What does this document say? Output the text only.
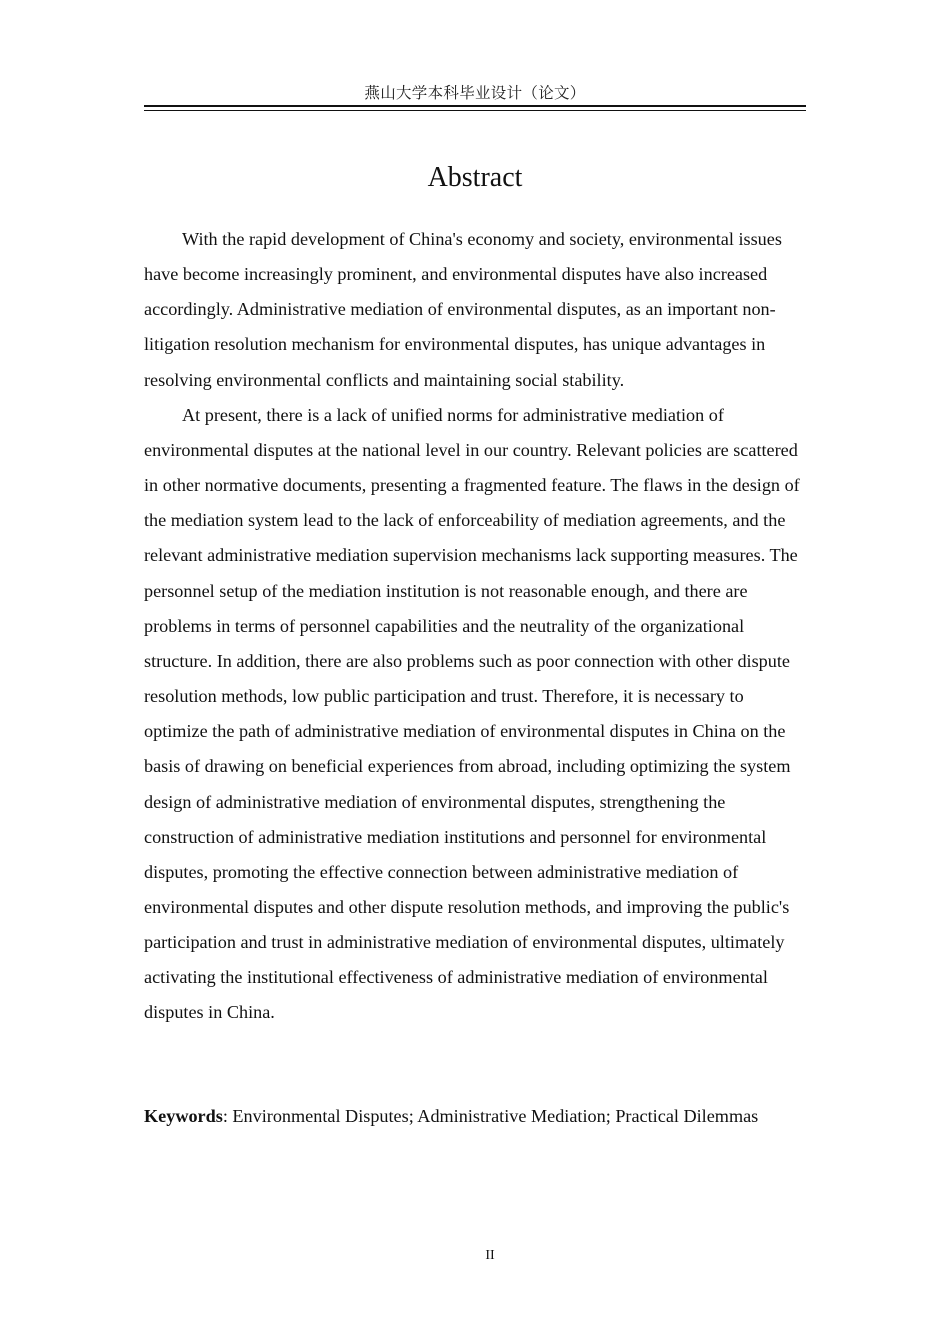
燕山大学本科毕业设计（论文）
Abstract

With the rapid development of China's economy and society, environmental issues have become increasingly prominent, and environmental disputes have also increased accordingly. Administrative mediation of environmental disputes, as an important non-litigation resolution mechanism for environmental disputes, has unique advantages in resolving environmental conflicts and maintaining social stability.

At present, there is a lack of unified norms for administrative mediation of environmental disputes at the national level in our country. Relevant policies are scattered in other normative documents, presenting a fragmented feature. The flaws in the design of the mediation system lead to the lack of enforceability of mediation agreements, and the relevant administrative mediation supervision mechanisms lack supporting measures. The personnel setup of the mediation institution is not reasonable enough, and there are problems in terms of personnel capabilities and the neutrality of the organizational structure. In addition, there are also problems such as poor connection with other dispute resolution methods, low public participation and trust. Therefore, it is necessary to optimize the path of administrative mediation of environmental disputes in China on the basis of drawing on beneficial experiences from abroad, including optimizing the system design of administrative mediation of environmental disputes, strengthening the construction of administrative mediation institutions and personnel for environmental disputes, promoting the effective connection between administrative mediation of environmental disputes and other dispute resolution methods, and improving the public's participation and trust in administrative mediation of environmental disputes, ultimately activating the institutional effectiveness of administrative mediation of environmental disputes in China.

Keywords: Environmental Disputes; Administrative Mediation; Practical Dilemmas

II
